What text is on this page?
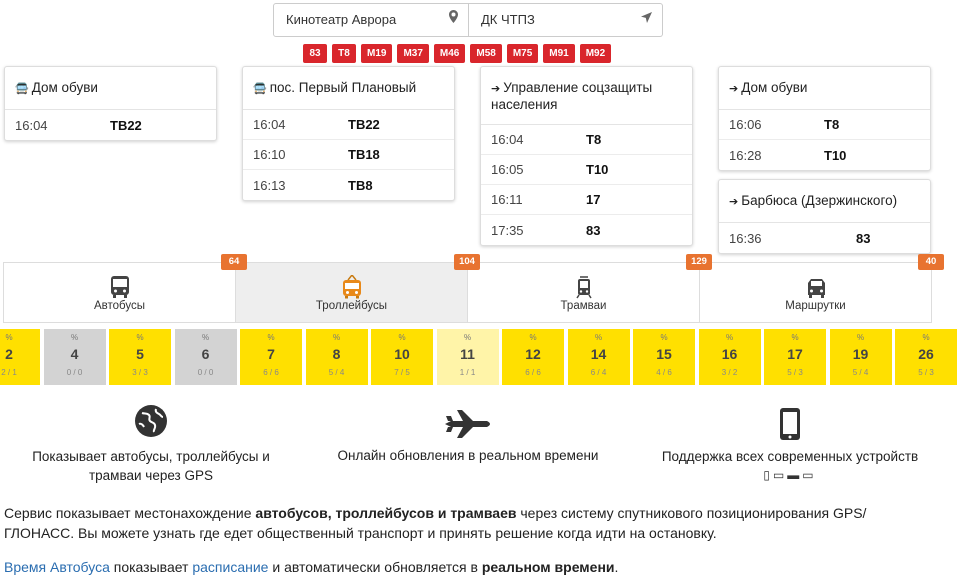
Кинотеатр Аврора	ДК ЧТПЗ
83	T8	M19	M37	M46	M58	M75	M91	M92
🚍 Дом обуви
16:04	ТВ22
🚍 пос. Первый Плановый
16:04	ТВ22
16:10	ТВ18
16:13	ТВ8
➔ Управление соцзащиты населения
16:04	Т8
16:05	Т10
16:11	17
17:35	83
➔ Дом обуви
16:06	Т8
16:28	Т10
➔ Барбюса (Дзержинского)
16:36	83
Автобусы	Троллейбусы	Трамваи	Маршрутки
64	104	129	40
%
2
2 / 1
%
4
0 / 0
%
5
3 / 3
%
6
0 / 0
%
7
6 / 6
%
8
5 / 4
%
10
7 / 5
%
11
1 / 1
%
12
6 / 6
%
14
6 / 4
%
15
4 / 6
%
16
3 / 2
%
17
5 / 3
%
19
5 / 4
%
26
5 / 3
Показывает автобусы, троллейбусы и
трамваи через GPS
Онлайн обновления в реальном времени	Поддержка всех современных устройств
▯▭▬▭
Сервис показывает местонахождение автобусов, троллейбусов и трамваев через систему спутникового позиционирования GPS/
ГЛОНАСС. Вы можете узнать где едет общественный транспорт и принять решение когда идти на остановку.
Время Автобуса показывает расписание и автоматически обновляется в реальном времени.
